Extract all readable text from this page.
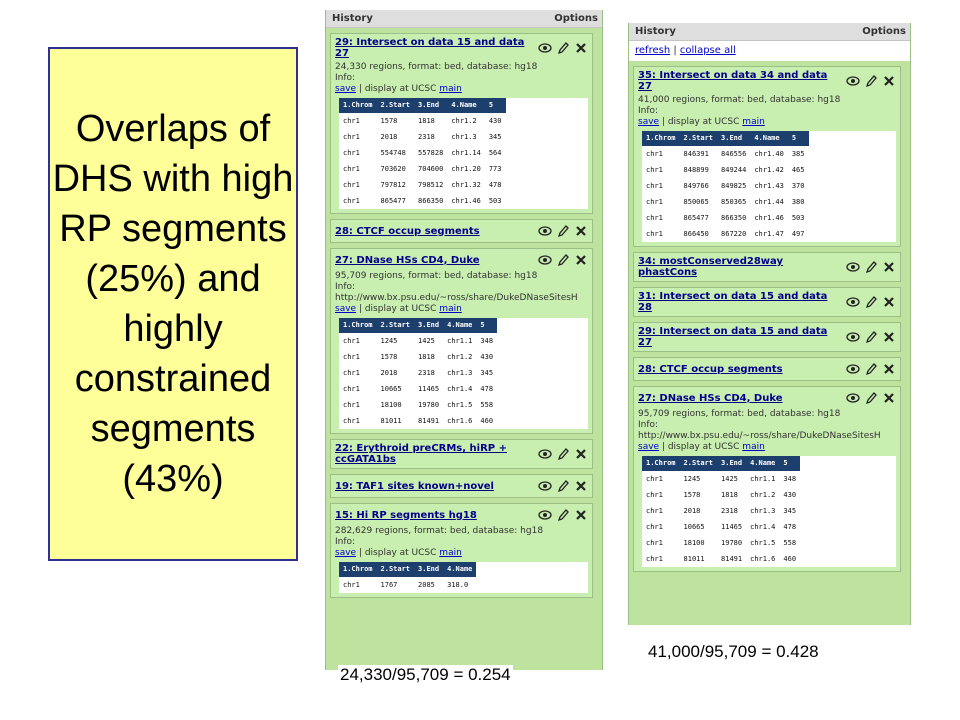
Overlaps of DHS with high RP segments (25%) and highly constrained segments (43%)
History	Options
29: Intersect on data 15 and data 27
24,330 regions, format: bed, database: hg18
Info:
save | display at UCSC main
1.Chrom	2.Start	3.End	4.Name	5
chr1	1578	1818	chr1.2	430
chr1	2018	2318	chr1.3	345
chr1	554748	557828	chr1.14	564
chr1	703620	704600	chr1.20	773
chr1	797812	798512	chr1.32	478
chr1	865477	866350	chr1.46	503
28: CTCF occup segments
27: DNase HSs CD4, Duke
95,709 regions, format: bed, database: hg18
Info:
http://www.bx.psu.edu/~ross/share/DukeDNaseSitesH
save | display at UCSC main
1.Chrom	2.Start	3.End	4.Name	5
chr1	1245	1425	chr1.1	348
chr1	1578	1818	chr1.2	430
chr1	2018	2318	chr1.3	345
chr1	10665	11465	chr1.4	478
chr1	18100	19780	chr1.5	558
chr1	81011	81491	chr1.6	460
22: Erythroid preCRMs, hiRP + ccGATA1bs
19: TAF1 sites known+novel
15: Hi RP segments hg18
282,629 regions, format: bed, database: hg18
Info:
save | display at UCSC main
1.Chrom	2.Start	3.End	4.Name
chr1	1767	2085	318.0
History	Options
refresh | collapse all
35: Intersect on data 34 and data 27
41,000 regions, format: bed, database: hg18
Info:
save | display at UCSC main
1.Chrom	2.Start	3.End	4.Name	5
chr1	846391	846556	chr1.40	385
chr1	848899	849244	chr1.42	465
chr1	849766	849825	chr1.43	370
chr1	850065	850365	chr1.44	380
chr1	865477	866350	chr1.46	503
chr1	866450	867220	chr1.47	497
34: mostConserved28way phastCons
31: Intersect on data 15 and data 28
29: Intersect on data 15 and data 27
28: CTCF occup segments
27: DNase HSs CD4, Duke
95,709 regions, format: bed, database: hg18
Info:
http://www.bx.psu.edu/~ross/share/DukeDNaseSitesH
save | display at UCSC main
1.Chrom	2.Start	3.End	4.Name	5
chr1	1245	1425	chr1.1	348
chr1	1578	1818	chr1.2	430
chr1	2018	2318	chr1.3	345
chr1	10665	11465	chr1.4	478
chr1	18100	19780	chr1.5	558
chr1	81011	81491	chr1.6	460
41,000/95,709 = 0.428
24,330/95,709 = 0.254
